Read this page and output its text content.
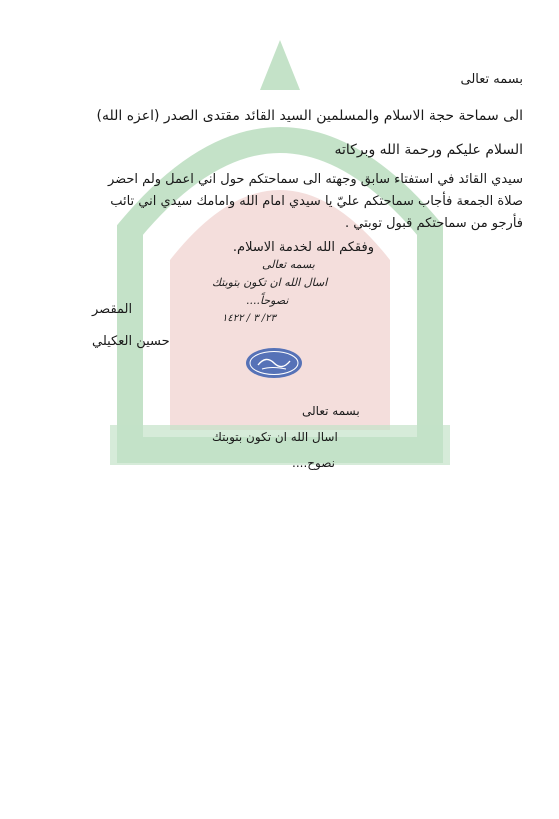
بسمه تعالى
الى سماحة حجة الاسلام والمسلمين السيد القائد مقتدى الصدر (اعزه الله)
السلام عليكم ورحمة الله وبركاته
سيدي القائد في استفتاء سابق وجهته الى سماحتكم حول اني اعمل ولم احضر
صلاة الجمعة فأجاب سماحتكم عليّ يا سيدي امام الله وامامك سيدي اني تائب
فأرجو من سماحتكم قبول توبتي .
وفقكم الله لخدمة الاسلام.
بسمه تعالى
اسال الله ان تكون بتوبتك
نصوحاً....
٢٣/ ٣ / ١٤٢٢
المقصر
حسين العكيلي
بسمه تعالى
اسال الله ان تكون بتوبتك
نصوح....
